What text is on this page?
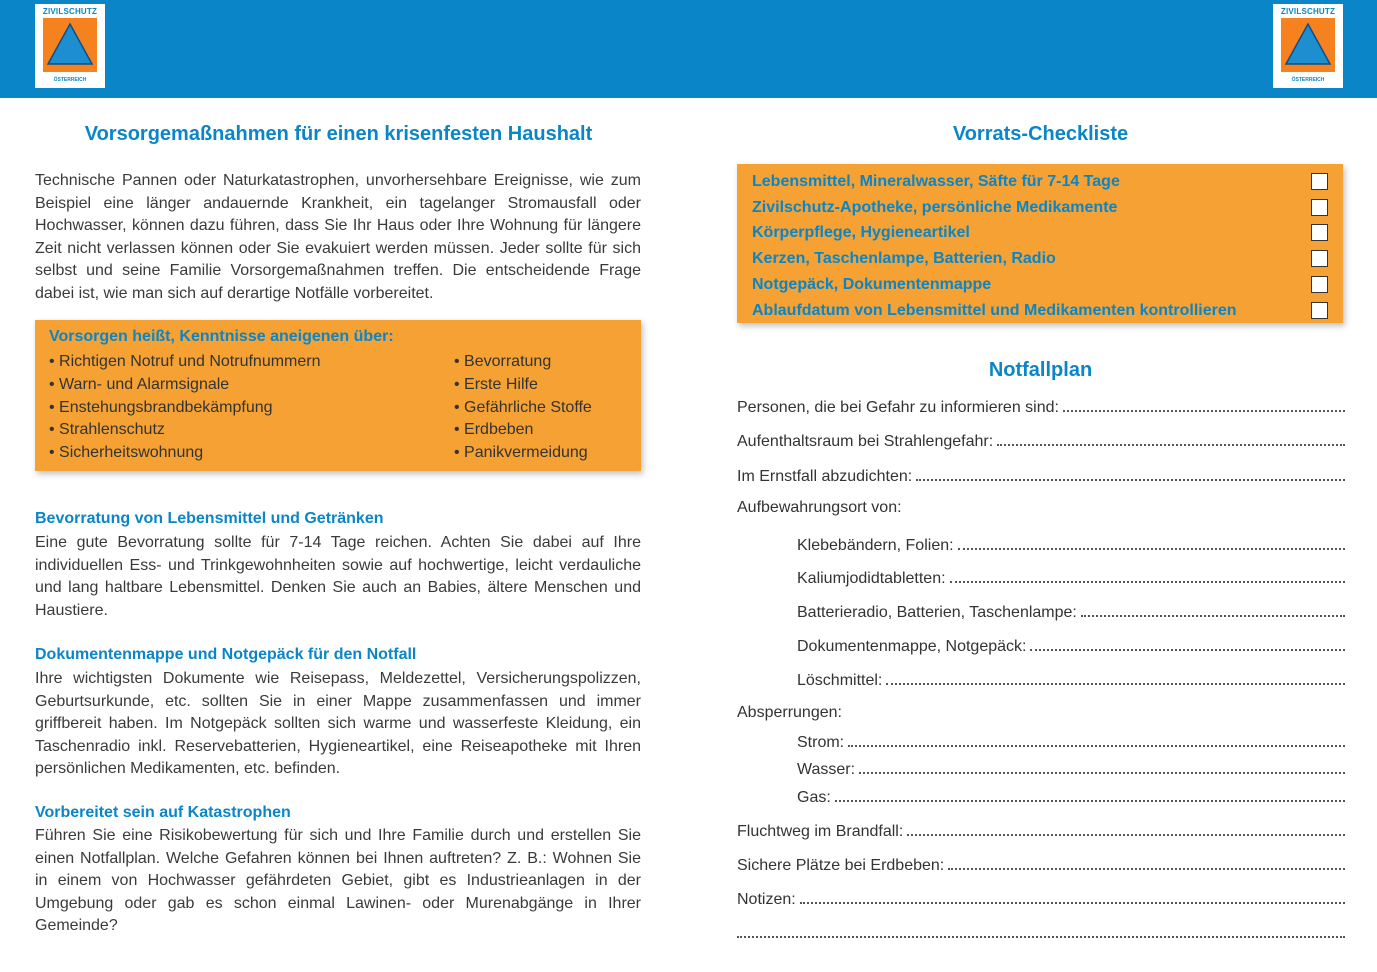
ZIVILSCHUTZ
ÖSTERREICH
ZIVILSCHUTZ
ÖSTERREICH
Vorsorgemaßnahmen für einen krisenfesten Haushalt

Technische Pannen oder Naturkatastrophen, unvorhersehbare Ereignisse, wie zum Beispiel eine länger andauernde Krankheit, ein tagelanger Stromausfall oder Hochwasser, können dazu führen, dass Sie Ihr Haus oder Ihre Wohnung für längere Zeit nicht verlassen können oder Sie evakuiert werden müssen. Jeder sollte für sich selbst und seine Familie Vorsorgemaßnahmen treffen. Die entscheidende Frage dabei ist, wie man sich auf derartige Notfälle vorbereitet.

Vorsorgen heißt, Kenntnisse aneigenen über:
• Richtigen Notruf und Notrufnummern
• Warn- und Alarmsignale
• Enstehungsbrandbekämpfung
• Strahlenschutz
• Sicherheitswohnung
• Bevorratung
• Erste Hilfe
• Gefährliche Stoffe
• Erdbeben
• Panikvermeidung
Bevorratung von Lebensmittel und Getränken

Eine gute Bevorratung sollte für 7-14 Tage reichen. Achten Sie dabei auf Ihre individuellen Ess- und Trinkgewohnheiten sowie auf hochwertige, leicht verdauliche und lang haltbare Lebensmittel. Denken Sie auch an Babies, ältere Menschen und Haustiere.

Dokumentenmappe und Notgepäck für den Notfall

Ihre wichtigsten Dokumente wie Reisepass, Meldezettel, Versicherungspolizzen, Geburtsurkunde, etc. sollten Sie in einer Mappe zusammenfassen und immer griffbereit haben. Im Notgepäck sollten sich warme und wasserfeste Kleidung, ein Taschenradio inkl. Reservebatterien, Hygieneartikel, eine Reiseapotheke mit Ihren persönlichen Medikamenten, etc. befinden.

Vorbereitet sein auf Katastrophen

Führen Sie eine Risikobewertung für sich und Ihre Familie durch und erstellen Sie einen Notfallplan. Welche Gefahren können bei Ihnen auftreten? Z. B.: Wohnen Sie in einem von Hochwasser gefährdeten Gebiet, gibt es Industrieanlagen in der Umgebung oder gab es schon einmal Lawinen- oder Murenabgänge in Ihrer Gemeinde?

Vorrats-Checkliste
Lebensmittel, Mineralwasser, Säfte für 7-14 Tage
Zivilschutz-Apotheke, persönliche Medikamente
Körperpflege, Hygieneartikel
Kerzen, Taschenlampe, Batterien, Radio
Notgepäck, Dokumentenmappe
Ablaufdatum von Lebensmittel und Medikamenten kontrollieren
Notfallplan
Personen, die bei Gefahr zu informieren sind:
Aufenthaltsraum bei Strahlengefahr:
Im Ernstfall abzudichten:
Aufbewahrungsort von:
Klebebändern, Folien:
Kaliumjodidtabletten:
Batterieradio, Batterien, Taschenlampe:
Dokumentenmappe, Notgepäck:
Löschmittel:
Absperrungen:
Strom:
Wasser:
Gas:
Fluchtweg im Brandfall:
Sichere Plätze bei Erdbeben:
Notizen:
